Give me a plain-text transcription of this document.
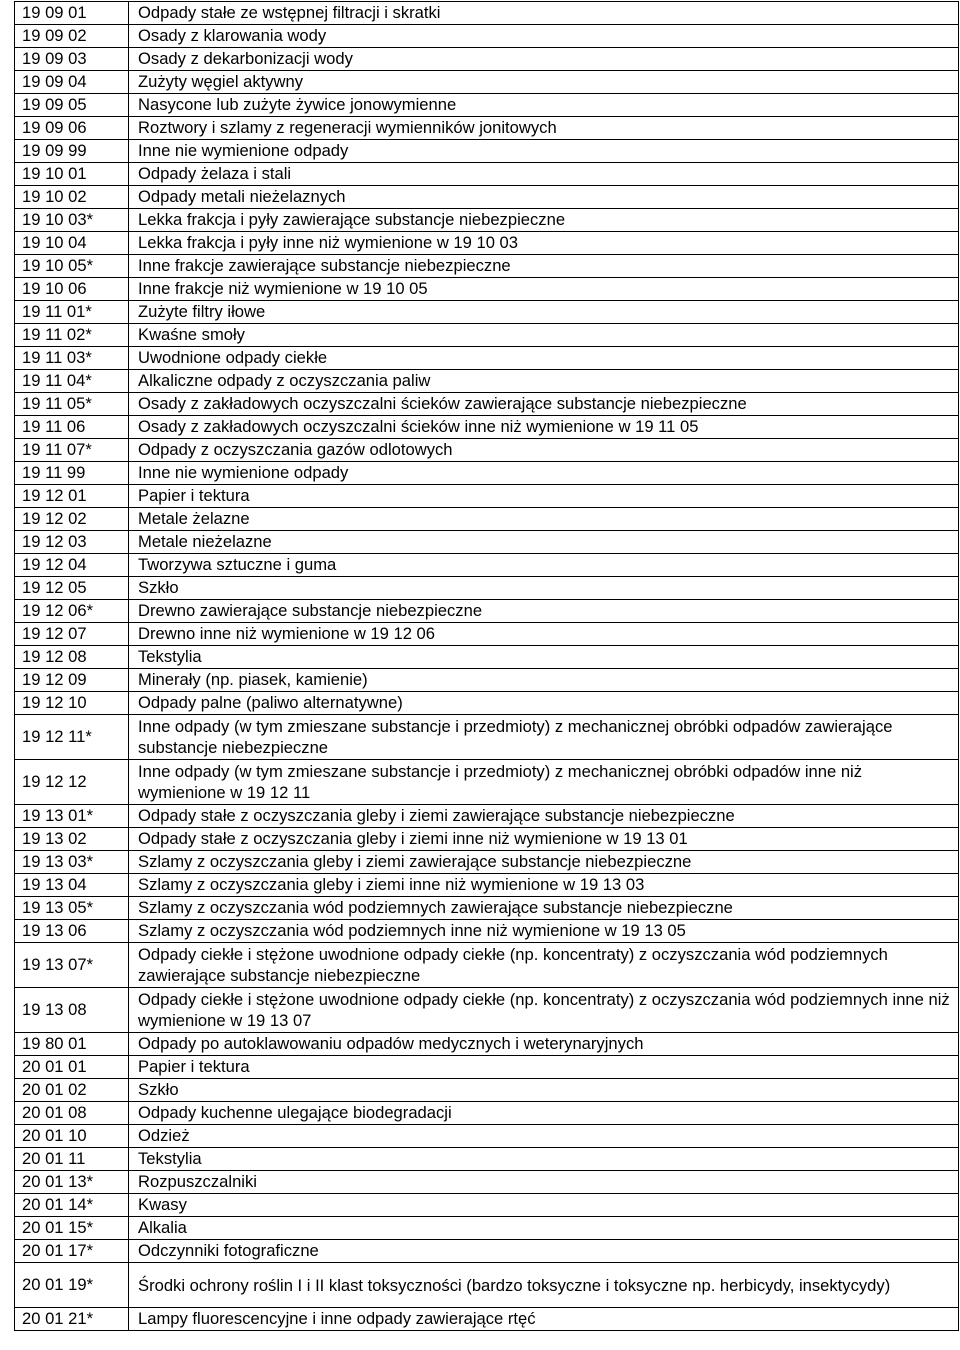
19 09 01	Odpady stałe ze wstępnej filtracji i skratki
19 09 02	Osady z klarowania wody
19 09 03	Osady z dekarbonizacji wody
19 09 04	Zużyty węgiel aktywny
19 09 05	Nasycone lub zużyte żywice jonowymienne
19 09 06	Roztwory i szlamy z regeneracji wymienników jonitowych
19 09 99	Inne nie wymienione odpady
19 10 01	Odpady żelaza i stali
19 10 02	Odpady metali nieżelaznych
19 10 03*	Lekka frakcja i pyły zawierające substancje niebezpieczne
19 10 04	Lekka frakcja i pyły inne niż wymienione w 19 10 03
19 10 05*	Inne frakcje zawierające substancje niebezpieczne
19 10 06	Inne frakcje niż wymienione w 19 10 05
19 11 01*	Zużyte filtry iłowe
19 11 02*	Kwaśne smoły
19 11 03*	Uwodnione odpady ciekłe
19 11 04*	Alkaliczne odpady z oczyszczania paliw
19 11 05*	Osady z zakładowych oczyszczalni ścieków zawierające substancje niebezpieczne
19 11 06	Osady z zakładowych oczyszczalni ścieków inne niż wymienione w 19 11 05
19 11 07*	Odpady z oczyszczania gazów odlotowych
19 11 99	Inne nie wymienione odpady
19 12 01	Papier i tektura
19 12 02	Metale żelazne
19 12 03	Metale nieżelazne
19 12 04	Tworzywa sztuczne i guma
19 12 05	Szkło
19 12 06*	Drewno zawierające substancje niebezpieczne
19 12 07	Drewno inne niż wymienione w 19 12 06
19 12 08	Tekstylia
19 12 09	Minerały (np. piasek, kamienie)
19 12 10	Odpady palne (paliwo alternatywne)
19 12 11*	Inne odpady (w tym zmieszane substancje i przedmioty) z mechanicznej obróbki odpadów zawierające substancje niebezpieczne
19 12 12	Inne odpady (w tym zmieszane substancje i przedmioty) z mechanicznej obróbki odpadów inne niż wymienione w 19 12 11
19 13 01*	Odpady stałe z oczyszczania gleby i ziemi zawierające substancje niebezpieczne
19 13 02	Odpady stałe z oczyszczania gleby i ziemi inne niż wymienione w 19 13 01
19 13 03*	Szlamy z oczyszczania gleby i ziemi zawierające substancje niebezpieczne
19 13 04	Szlamy z oczyszczania gleby i ziemi inne niż wymienione w 19 13 03
19 13 05*	Szlamy z oczyszczania wód podziemnych zawierające substancje niebezpieczne
19 13 06	Szlamy z oczyszczania wód podziemnych inne niż wymienione w 19 13 05
19 13 07*	Odpady ciekłe i stężone uwodnione odpady ciekłe (np. koncentraty) z oczyszczania wód podziemnych zawierające substancje niebezpieczne
19 13 08	Odpady ciekłe i stężone uwodnione odpady ciekłe (np. koncentraty) z oczyszczania wód podziemnych inne niż wymienione w 19 13 07
19 80 01	Odpady po autoklawowaniu odpadów medycznych i weterynaryjnych
20 01 01	Papier i tektura
20 01 02	Szkło
20 01 08	Odpady kuchenne ulegające biodegradacji
20 01 10	Odzież
20 01 11	Tekstylia
20 01 13*	Rozpuszczalniki
20 01 14*	Kwasy
20 01 15*	Alkalia
20 01 17*	Odczynniki fotograficzne
20 01 19*	Środki ochrony roślin I i II klast toksyczności (bardzo toksyczne i toksyczne np. herbicydy, insektycydy)
20 01 21*	Lampy fluorescencyjne i inne odpady zawierające rtęć
